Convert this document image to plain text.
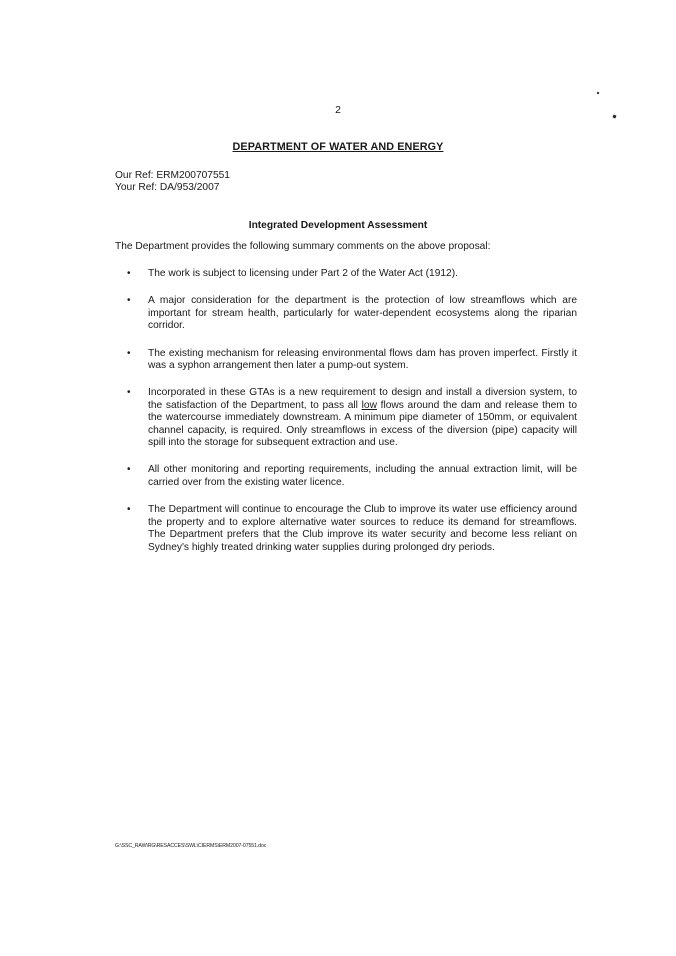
2
DEPARTMENT OF WATER AND ENERGY
Our Ref: ERM200707551
Your Ref: DA/953/2007
Integrated Development Assessment
The Department provides the following summary comments on the above proposal:
• The work is subject to licensing under Part 2 of the Water Act (1912).
• A major consideration for the department is the protection of low streamflows which are important for stream health, particularly for water-dependent ecosystems along the riparian corridor.
• The existing mechanism for releasing environmental flows dam has proven imperfect. Firstly it was a syphon arrangement then later a pump-out system.
• Incorporated in these GTAs is a new requirement to design and install a diversion system, to the satisfaction of the Department, to pass all low flows around the dam and release them to the watercourse immediately downstream. A minimum pipe diameter of 150mm, or equivalent channel capacity, is required. Only streamflows in excess of the diversion (pipe) capacity will spill into the storage for subsequent extraction and use.
• All other monitoring and reporting requirements, including the annual extraction limit, will be carried over from the existing water licence.
• The Department will continue to encourage the Club to improve its water use efficiency around the property and to explore alternative water sources to reduce its demand for streamflows. The Department prefers that the Club improve its water security and become less reliant on Sydney's highly treated drinking water supplies during prolonged dry periods.
G:\SSC_RAW\RG\RESACCES\SWL\CIERMS\ERM2007-07551.doc
